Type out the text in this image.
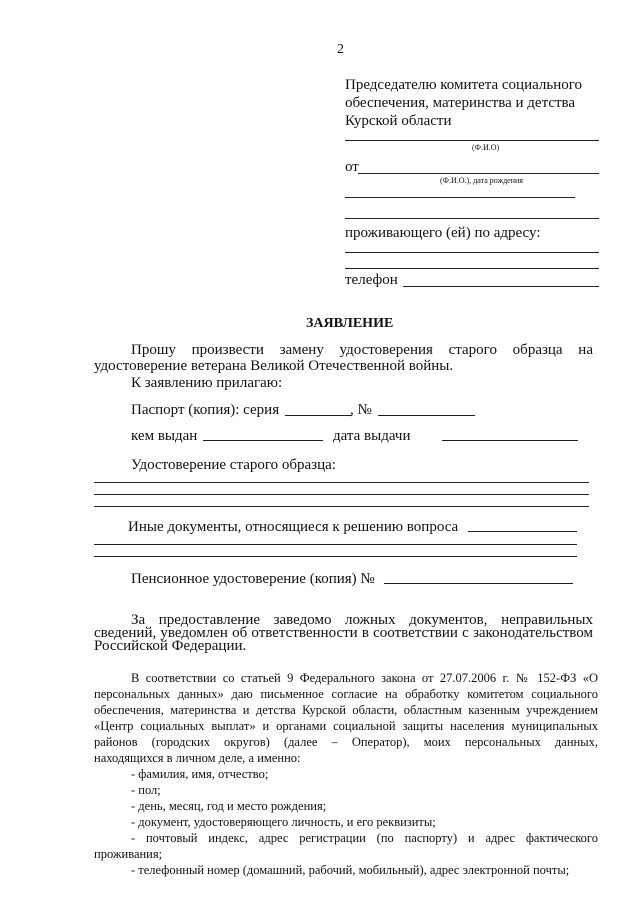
2
Председателю комитета социального
обеспечения, материнства и детства
Курской области
(Ф.И.О)
от
(Ф.И.О.), дата рождения
проживающего (ей) по адресу:
телефон
ЗАЯВЛЕНИЕ
Прошу произвести замену удостоверения старого образца на
удостоверение ветерана Великой Отечественной войны.
К заявлению прилагаю:
Паспорт (копия): серия	, №
кем выдан	дата выдачи
Удостоверение старого образца:
Иные документы, относящиеся к решению вопроса
Пенсионное удостоверение (копия) №
За предоставление заведомо ложных документов, неправильных
сведений, уведомлен об ответственности в соответствии с законодательством
Российской Федерации.
В соответствии со статьей 9 Федерального закона от 27.07.2006 г. № 152-ФЗ «О
персональных данных» даю письменное согласие на обработку комитетом социального
обеспечения, материнства и детства Курской области, областным казенным учреждением
«Центр социальных выплат» и органами социальной защиты населения муниципальных
районов (городских округов) (далее – Оператор), моих персональных данных,
находящихся в личном деле, а именно:
- фамилия, имя, отчество;
- пол;
- день, месяц, год и место рождения;
- документ, удостоверяющего личность, и его реквизиты;
- почтовый индекс, адрес регистрации (по паспорту) и адрес фактического
проживания;
- телефонный номер (домашний, рабочий, мобильный), адрес электронной почты;
